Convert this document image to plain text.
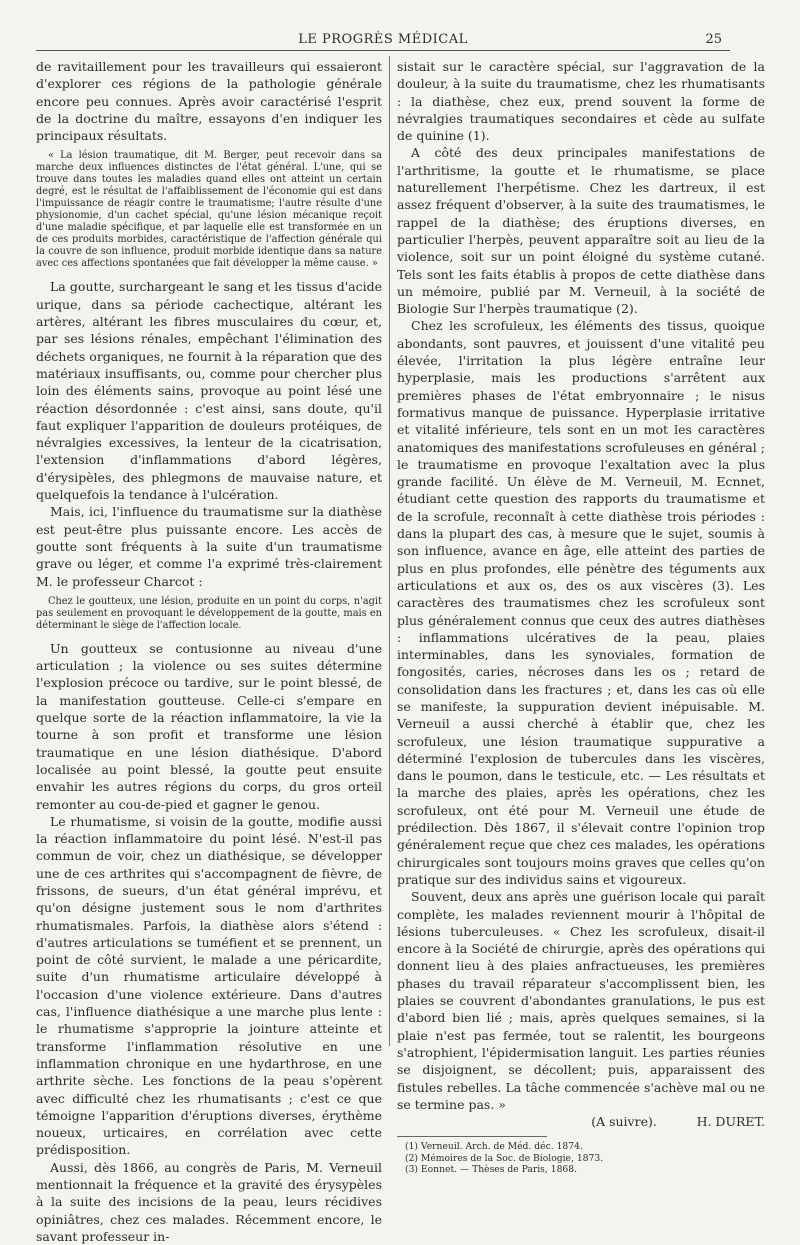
LE PROGRÈS MÉDICAL	25

de ravitaillement pour les travailleurs qui essaieront d'explorer ces régions de la pathologie générale encore peu connues. Après avoir caractérisé l'esprit de la doctrine du maître, essayons d'en indiquer les principaux résultats.

« La lésion traumatique, dit M. Berger, peut recevoir dans sa marche deux influences distinctes de l'état général. L'une, qui se trouve dans toutes les maladies quand elles ont atteint un certain degré, est le résultat de l'affaiblissement de l'économie qui est dans l'impuissance de réagir contre le traumatisme; l'autre résulte d'une physionomie, d'un cachet spécial, qu'une lésion mécanique reçoit d'une maladie spécifique, et par laquelle elle est transformée en un de ces produits morbides, caractéristique de l'affection générale qui la couvre de son influence, produit morbide identique dans sa nature avec ces affections spontanées que fait développer la même cause. »

La goutte, surchargeant le sang et les tissus d'acide urique, dans sa période cachectique, altérant les artères, altérant les fibres musculaires du cœur, et, par ses lésions rénales, empêchant l'élimination des déchets organiques, ne fournit à la réparation que des matériaux insuffisants, ou, comme pour chercher plus loin des éléments sains, provoque au point lésé une réaction désordonnée : c'est ainsi, sans doute, qu'il faut expliquer l'apparition de douleurs protéiques, de névralgies excessives, la lenteur de la cicatrisation, l'extension d'inflammations d'abord légères, d'érysipèles, des phlegmons de mauvaise nature, et quelquefois la tendance à l'ulcération.

Mais, ici, l'influence du traumatisme sur la diathèse est peut-être plus puissante encore. Les accès de goutte sont fréquents à la suite d'un traumatisme grave ou léger, et comme l'a exprimé très-clairement M. le professeur Charcot :

Chez le goutteux, une lésion, produite en un point du corps, n'agit pas seulement en provoquant le développement de la goutte, mais en déterminant le siège de l'affection locale.

Un goutteux se contusionne au niveau d'une articulation ; la violence ou ses suites détermine l'explosion précoce ou tardive, sur le point blessé, de la manifestation goutteuse. Celle-ci s'empare en quelque sorte de la réaction inflammatoire, la vie la tourne à son profit et transforme une lésion traumatique en une lésion diathésique. D'abord localisée au point blessé, la goutte peut ensuite envahir les autres régions du corps, du gros orteil remonter au cou-de-pied et gagner le genou.

Le rhumatisme, si voisin de la goutte, modifie aussi la réaction inflammatoire du point lésé. N'est-il pas commun de voir, chez un diathésique, se développer une de ces arthrites qui s'accompagnent de fièvre, de frissons, de sueurs, d'un état général imprévu, et qu'on désigne justement sous le nom d'arthrites rhumatismales. Parfois, la diathèse alors s'étend : d'autres articulations se tuméfient et se prennent, un point de côté survient, le malade a une péricardite, suite d'un rhumatisme articulaire développé à l'occasion d'une violence extérieure. Dans d'autres cas, l'influence diathésique a une marche plus lente : le rhumatisme s'approprie la jointure atteinte et transforme l'inflammation résolutive en une inflammation chronique en une hydarthrose, en une arthrite sèche. Les fonctions de la peau s'opèrent avec difficulté chez les rhumatisants ; c'est ce que témoigne l'apparition d'éruptions diverses, érythème noueux, urticaires, en corrélation avec cette prédisposition.

Aussi, dès 1866, au congrès de Paris, M. Verneuil mentionnait la fréquence et la gravité des érysypèles à la suite des incisions de la peau, leurs récidives opiniâtres, chez ces malades. Récemment encore, le savant professeur in-

sistait sur le caractère spécial, sur l'aggravation de la douleur, à la suite du traumatisme, chez les rhumatisants : la diathèse, chez eux, prend souvent la forme de névralgies traumatiques secondaires et cède au sulfate de quinine (1).

A côté des deux principales manifestations de l'arthritisme, la goutte et le rhumatisme, se place naturellement l'herpétisme. Chez les dartreux, il est assez fréquent d'observer, à la suite des traumatismes, le rappel de la diathèse; des éruptions diverses, en particulier l'herpès, peuvent apparaître soit au lieu de la violence, soit sur un point éloigné du système cutané. Tels sont les faits établis à propos de cette diathèse dans un mémoire, publié par M. Verneuil, à la société de Biologie Sur l'herpès traumatique (2).

Chez les scrofuleux, les éléments des tissus, quoique abondants, sont pauvres, et jouissent d'une vitalité peu élevée, l'irritation la plus légère entraîne leur hyperplasie, mais les productions s'arrêtent aux premières phases de l'état embryonnaire ; le nisus formativus manque de puissance. Hyperplasie irritative et vitalité inférieure, tels sont en un mot les caractères anatomiques des manifestations scrofuleuses en général ; le traumatisme en provoque l'exaltation avec la plus grande facilité. Un élève de M. Verneuil, M. Ecnnet, étudiant cette question des rapports du traumatisme et de la scrofule, reconnaît à cette diathèse trois périodes : dans la plupart des cas, à mesure que le sujet, soumis à son influence, avance en âge, elle atteint des parties de plus en plus profondes, elle pénètre des téguments aux articulations et aux os, des os aux viscères (3). Les caractères des traumatismes chez les scrofuleux sont plus généralement connus que ceux des autres diathèses : inflammations ulcératives de la peau, plaies interminables, dans les synoviales, formation de fongosités, caries, nécroses dans les os ; retard de consolidation dans les fractures ; et, dans les cas où elle se manifeste, la suppuration devient inépuisable. M. Verneuil a aussi cherché à établir que, chez les scrofuleux, une lésion traumatique suppurative a déterminé l'explosion de tubercules dans les viscères, dans le poumon, dans le testicule, etc. — Les résultats et la marche des plaies, après les opérations, chez les scrofuleux, ont été pour M. Verneuil une étude de prédilection. Dès 1867, il s'élevait contre l'opinion trop généralement reçue que chez ces malades, les opérations chirurgicales sont toujours moins graves que celles qu'on pratique sur des individus sains et vigoureux.

Souvent, deux ans après une guérison locale qui paraît complète, les malades reviennent mourir à l'hôpital de lésions tuberculeuses. « Chez les scrofuleux, disait-il encore à la Société de chirurgie, après des opérations qui donnent lieu à des plaies anfractueuses, les premières phases du travail réparateur s'accomplissent bien, les plaies se couvrent d'abondantes granulations, le pus est d'abord bien lié ; mais, après quelques semaines, si la plaie n'est pas fermée, tout se ralentit, les bourgeons s'atrophient, l'épidermisation languit. Les parties réunies se disjoignent, se décollent; puis, apparaissent des fistules rebelles. La tâche commencée s'achève mal ou ne se termine pas. »

(A suivre).	H. DURET.
(1) Verneuil. Arch. de Méd. déc. 1874.
(2) Mémoires de la Soc. de Biologie, 1873.
(3) Eonnet. — Thèses de Paris, 1868.
